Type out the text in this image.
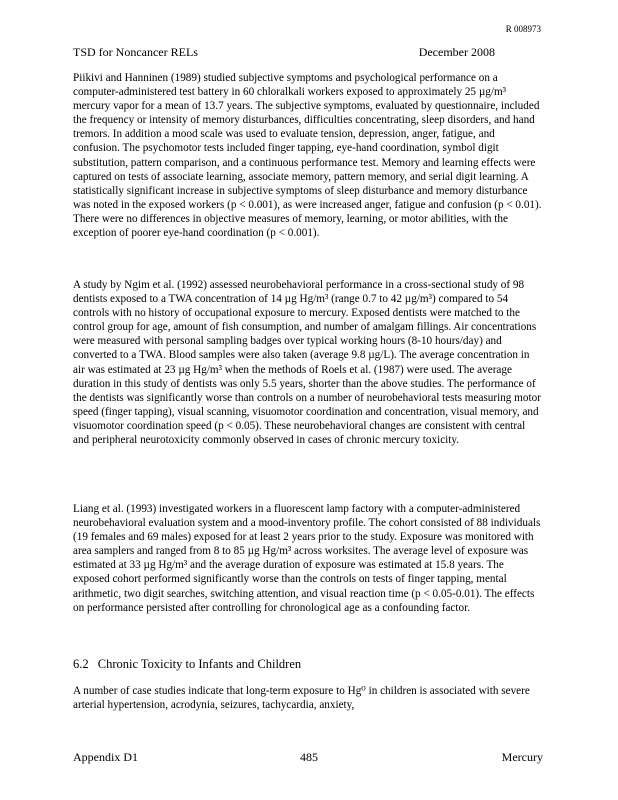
R 008973
TSD for Noncancer RELs	December 2008

Piikivi and Hanninen (1989) studied subjective symptoms and psychological performance on a computer-administered test battery in 60 chloralkali workers exposed to approximately 25 µg/m³ mercury vapor for a mean of 13.7 years. The subjective symptoms, evaluated by questionnaire, included the frequency or intensity of memory disturbances, difficulties concentrating, sleep disorders, and hand tremors. In addition a mood scale was used to evaluate tension, depression, anger, fatigue, and confusion. The psychomotor tests included finger tapping, eye-hand coordination, symbol digit substitution, pattern comparison, and a continuous performance test. Memory and learning effects were captured on tests of associate learning, associate memory, pattern memory, and serial digit learning. A statistically significant increase in subjective symptoms of sleep disturbance and memory disturbance was noted in the exposed workers (p < 0.001), as were increased anger, fatigue and confusion (p < 0.01). There were no differences in objective measures of memory, learning, or motor abilities, with the exception of poorer eye-hand coordination (p < 0.001).

A study by Ngim et al. (1992) assessed neurobehavioral performance in a cross-sectional study of 98 dentists exposed to a TWA concentration of 14 µg Hg/m³ (range 0.7 to 42 µg/m³) compared to 54 controls with no history of occupational exposure to mercury. Exposed dentists were matched to the control group for age, amount of fish consumption, and number of amalgam fillings. Air concentrations were measured with personal sampling badges over typical working hours (8-10 hours/day) and converted to a TWA. Blood samples were also taken (average 9.8 µg/L). The average concentration in air was estimated at 23 µg Hg/m³ when the methods of Roels et al. (1987) were used. The average duration in this study of dentists was only 5.5 years, shorter than the above studies. The performance of the dentists was significantly worse than controls on a number of neurobehavioral tests measuring motor speed (finger tapping), visual scanning, visuomotor coordination and concentration, visual memory, and visuomotor coordination speed (p < 0.05). These neurobehavioral changes are consistent with central and peripheral neurotoxicity commonly observed in cases of chronic mercury toxicity.

Liang et al. (1993) investigated workers in a fluorescent lamp factory with a computer-administered neurobehavioral evaluation system and a mood-inventory profile. The cohort consisted of 88 individuals (19 females and 69 males) exposed for at least 2 years prior to the study. Exposure was monitored with area samplers and ranged from 8 to 85 µg Hg/m³ across worksites. The average level of exposure was estimated at 33 µg Hg/m³ and the average duration of exposure was estimated at 15.8 years. The exposed cohort performed significantly worse than the controls on tests of finger tapping, mental arithmetic, two digit searches, switching attention, and visual reaction time (p < 0.05-0.01). The effects on performance persisted after controlling for chronological age as a confounding factor.

6.2 Chronic Toxicity to Infants and Children

A number of case studies indicate that long-term exposure to Hg⁰ in children is associated with severe arterial hypertension, acrodynia, seizures, tachycardia, anxiety,

Appendix D1	485	Mercury
